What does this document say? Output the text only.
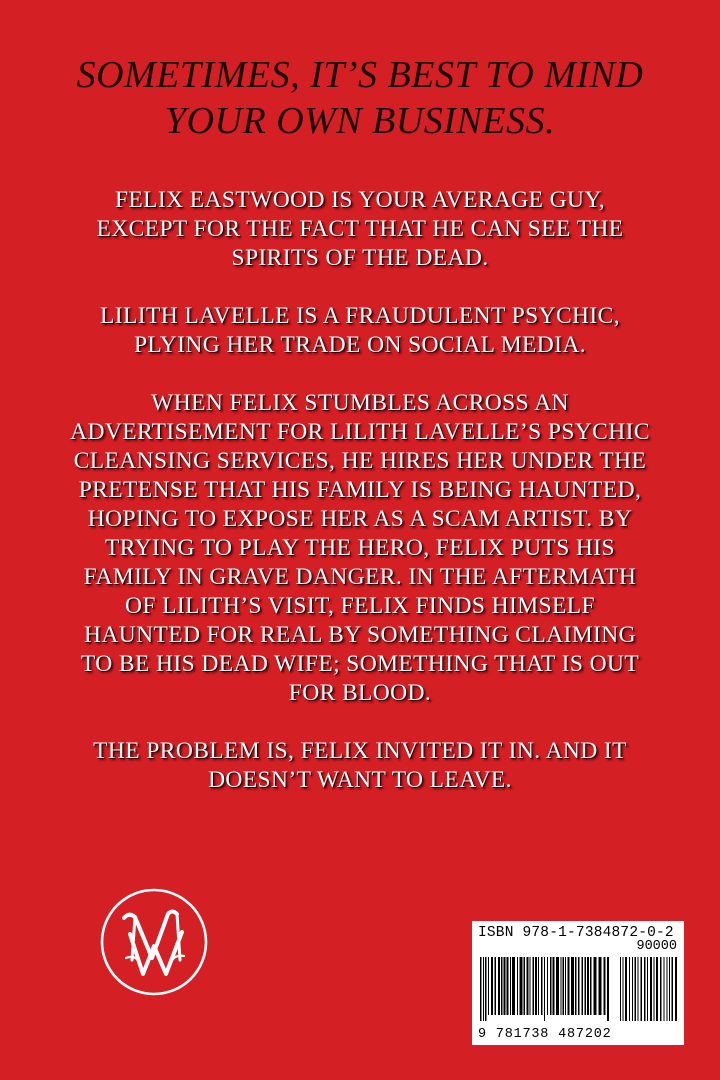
SOMETIMES, IT’S BEST TO MIND
YOUR OWN BUSINESS.
FELIX EASTWOOD IS YOUR AVERAGE GUY,
EXCEPT FOR THE FACT THAT HE CAN SEE THE
SPIRITS OF THE DEAD.
LILITH LAVELLE IS A FRAUDULENT PSYCHIC,
PLYING HER TRADE ON SOCIAL MEDIA.
WHEN FELIX STUMBLES ACROSS AN
ADVERTISEMENT FOR LILITH LAVELLE’S PSYCHIC
CLEANSING SERVICES, HE HIRES HER UNDER THE
PRETENSE THAT HIS FAMILY IS BEING HAUNTED,
HOPING TO EXPOSE HER AS A SCAM ARTIST. BY
TRYING TO PLAY THE HERO, FELIX PUTS HIS
FAMILY IN GRAVE DANGER. IN THE AFTERMATH
OF LILITH’S VISIT, FELIX FINDS HIMSELF
HAUNTED FOR REAL BY SOMETHING CLAIMING
TO BE HIS DEAD WIFE; SOMETHING THAT IS OUT
FOR BLOOD.
THE PROBLEM IS, FELIX INVITED IT IN. AND IT
DOESN’T WANT TO LEAVE.
ISBN 978-1-7384872-0-2
90000
9 781738 487202
